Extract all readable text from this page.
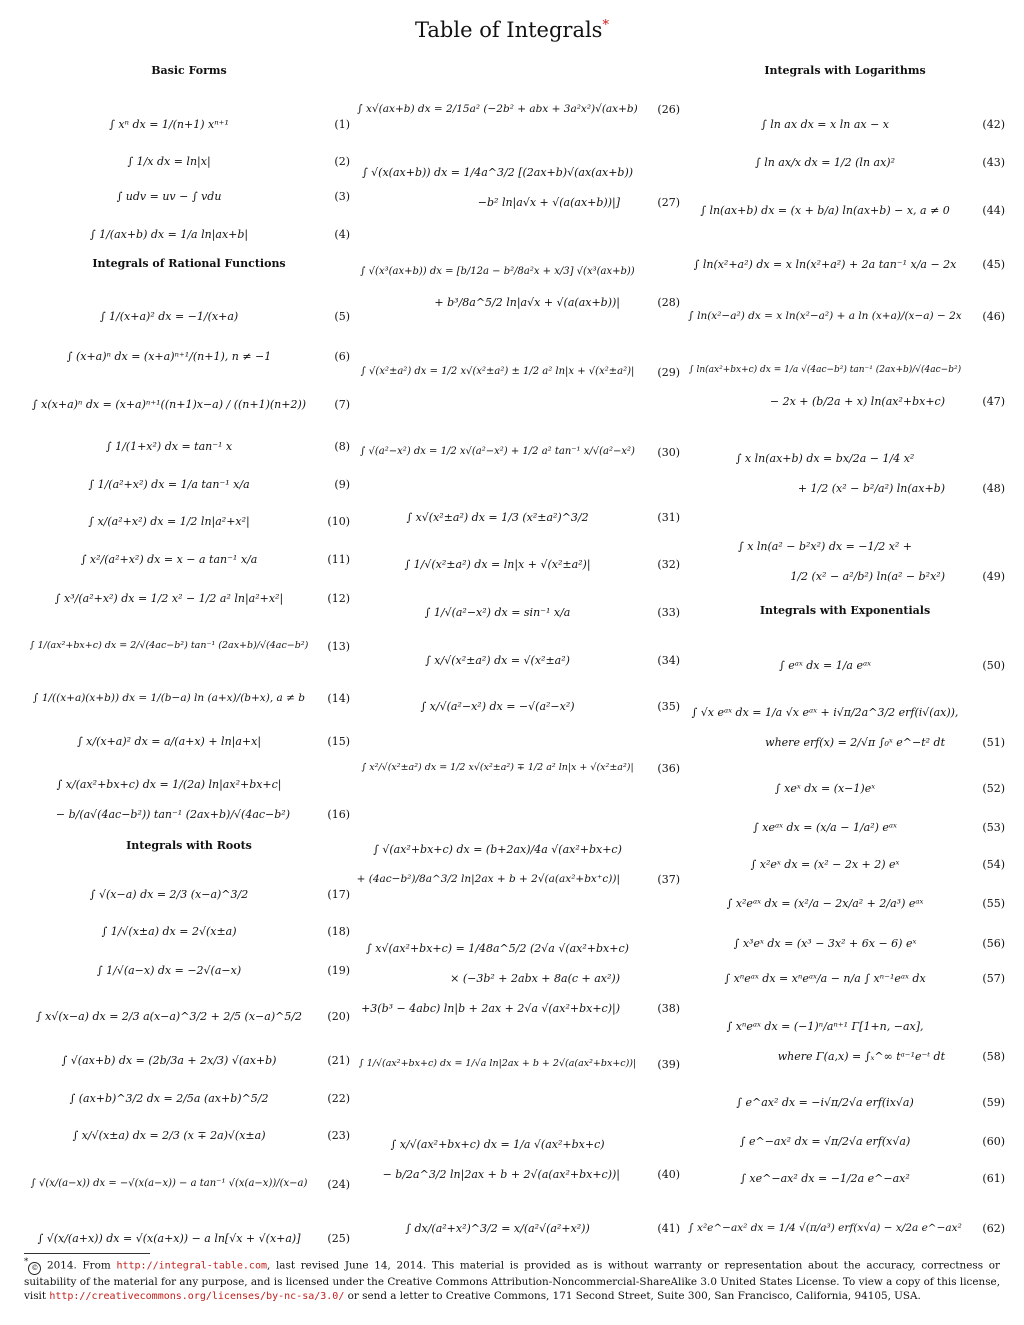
Table of Integrals*
Basic Forms
Integrals of Rational Functions
Integrals with Roots
∫ xⁿ dx = 1/(n+1) xⁿ⁺¹	(1)
∫ 1/x dx = ln|x|	(2)
∫ udv = uv − ∫ vdu	(3)
∫ 1/(ax+b) dx = 1/a ln|ax+b|	(4)
∫ 1/(x+a)² dx = −1/(x+a)	(5)
∫ (x+a)ⁿ dx = (x+a)ⁿ⁺¹/(n+1), n ≠ −1	(6)
∫ x(x+a)ⁿ dx = (x+a)ⁿ⁺¹((n+1)x−a) / ((n+1)(n+2))	(7)
∫ 1/(1+x²) dx = tan⁻¹ x	(8)
∫ 1/(a²+x²) dx = 1/a tan⁻¹ x/a	(9)
∫ x/(a²+x²) dx = 1/2 ln|a²+x²|	(10)
∫ x²/(a²+x²) dx = x − a tan⁻¹ x/a	(11)
∫ x³/(a²+x²) dx = 1/2 x² − 1/2 a² ln|a²+x²|	(12)
∫ 1/(ax²+bx+c) dx = 2/√(4ac−b²) tan⁻¹ (2ax+b)/√(4ac−b²)	(13)
∫ 1/((x+a)(x+b)) dx = 1/(b−a) ln (a+x)/(b+x), a ≠ b	(14)
∫ x/(x+a)² dx = a/(a+x) + ln|a+x|	(15)
∫ x/(ax²+bx+c) dx = 1/(2a) ln|ax²+bx+c|
− b/(a√(4ac−b²)) tan⁻¹ (2ax+b)/√(4ac−b²)	(16)
∫ √(x−a) dx = 2/3 (x−a)^3/2	(17)
∫ 1/√(x±a) dx = 2√(x±a)	(18)
∫ 1/√(a−x) dx = −2√(a−x)	(19)
∫ x√(x−a) dx = 2/3 a(x−a)^3/2 + 2/5 (x−a)^5/2	(20)
∫ √(ax+b) dx = (2b/3a + 2x/3) √(ax+b)	(21)
∫ (ax+b)^3/2 dx = 2/5a (ax+b)^5/2	(22)
∫ x/√(x±a) dx = 2/3 (x ∓ 2a)√(x±a)	(23)
∫ √(x/(a−x)) dx = −√(x(a−x)) − a tan⁻¹ √(x(a−x))/(x−a)	(24)
∫ √(x/(a+x)) dx = √(x(a+x)) − a ln[√x + √(x+a)]	(25)
∫ x√(ax+b) dx = 2/15a² (−2b² + abx + 3a²x²)√(ax+b)	(26)
∫ √(x(ax+b)) dx = 1/4a^3/2 [(2ax+b)√(ax(ax+b))
−b² ln|a√x + √(a(ax+b))|]	(27)
∫ √(x³(ax+b)) dx = [b/12a − b²/8a²x + x/3] √(x³(ax+b))
+ b³/8a^5/2 ln|a√x + √(a(ax+b))|	(28)
∫ √(x²±a²) dx = 1/2 x√(x²±a²) ± 1/2 a² ln|x + √(x²±a²)|	(29)
∫ √(a²−x²) dx = 1/2 x√(a²−x²) + 1/2 a² tan⁻¹ x/√(a²−x²)	(30)
∫ x√(x²±a²) dx = 1/3 (x²±a²)^3/2	(31)
∫ 1/√(x²±a²) dx = ln|x + √(x²±a²)|	(32)
∫ 1/√(a²−x²) dx = sin⁻¹ x/a	(33)
∫ x/√(x²±a²) dx = √(x²±a²)	(34)
∫ x/√(a²−x²) dx = −√(a²−x²)	(35)
∫ x²/√(x²±a²) dx = 1/2 x√(x²±a²) ∓ 1/2 a² ln|x + √(x²±a²)|	(36)
∫ √(ax²+bx+c) dx = (b+2ax)/4a √(ax²+bx+c)
+ (4ac−b²)/8a^3/2 ln|2ax + b + 2√(a(ax²+bx⁺c))|	(37)
∫ x√(ax²+bx+c) = 1/48a^5/2 (2√a √(ax²+bx+c)
× (−3b² + 2abx + 8a(c + ax²))
+3(b³ − 4abc) ln|b + 2ax + 2√a √(ax²+bx+c)|)	(38)
∫ 1/√(ax²+bx+c) dx = 1/√a ln|2ax + b + 2√(a(ax²+bx+c))|	(39)
∫ x/√(ax²+bx+c) dx = 1/a √(ax²+bx+c)
− b/2a^3/2 ln|2ax + b + 2√(a(ax²+bx+c))|	(40)
∫ dx/(a²+x²)^3/2 = x/(a²√(a²+x²))	(41)
Integrals with Logarithms
Integrals with Exponentials
∫ ln ax dx = x ln ax − x	(42)
∫ ln ax/x dx = 1/2 (ln ax)²	(43)
∫ ln(ax+b) dx = (x + b/a) ln(ax+b) − x, a ≠ 0	(44)
∫ ln(x²+a²) dx = x ln(x²+a²) + 2a tan⁻¹ x/a − 2x	(45)
∫ ln(x²−a²) dx = x ln(x²−a²) + a ln (x+a)/(x−a) − 2x	(46)
∫ ln(ax²+bx+c) dx = 1/a √(4ac−b²) tan⁻¹ (2ax+b)/√(4ac−b²)
− 2x + (b/2a + x) ln(ax²+bx+c)	(47)
∫ x ln(ax+b) dx = bx/2a − 1/4 x²
+ 1/2 (x² − b²/a²) ln(ax+b)	(48)
∫ x ln(a² − b²x²) dx = −1/2 x² +
1/2 (x² − a²/b²) ln(a² − b²x²)	(49)
∫ eᵃˣ dx = 1/a eᵃˣ	(50)
∫ √x eᵃˣ dx = 1/a √x eᵃˣ + i√π/2a^3/2 erf(i√(ax)),
where erf(x) = 2/√π ∫₀ˣ e^−t² dt	(51)
∫ xeˣ dx = (x−1)eˣ	(52)
∫ xeᵃˣ dx = (x/a − 1/a²) eᵃˣ	(53)
∫ x²eˣ dx = (x² − 2x + 2) eˣ	(54)
∫ x²eᵃˣ dx = (x²/a − 2x/a² + 2/a³) eᵃˣ	(55)
∫ x³eˣ dx = (x³ − 3x² + 6x − 6) eˣ	(56)
∫ xⁿeᵃˣ dx = xⁿeᵃˣ/a − n/a ∫ xⁿ⁻¹eᵃˣ dx	(57)
∫ xⁿeᵃˣ dx = (−1)ⁿ/aⁿ⁺¹ Γ[1+n, −ax],
where Γ(a,x) = ∫ₓ^∞ tᵃ⁻¹e⁻ᵗ dt	(58)
∫ e^ax² dx = −i√π/2√a erf(ix√a)	(59)
∫ e^−ax² dx = √π/2√a erf(x√a)	(60)
∫ xe^−ax² dx = −1/2a e^−ax²	(61)
∫ x²e^−ax² dx = 1/4 √(π/a³) erf(x√a) − x/2a e^−ax²	(62)
*© 2014. From http://integral-table.com, last revised June 14, 2014. This material is provided as is without warranty or representation about the accuracy, correctness or suitability of the material for any purpose, and is licensed under the Creative Commons Attribution-Noncommercial-ShareAlike 3.0 United States License. To view a copy of this license, visit http://creativecommons.org/licenses/by-nc-sa/3.0/ or send a letter to Creative Commons, 171 Second Street, Suite 300, San Francisco, California, 94105, USA.
